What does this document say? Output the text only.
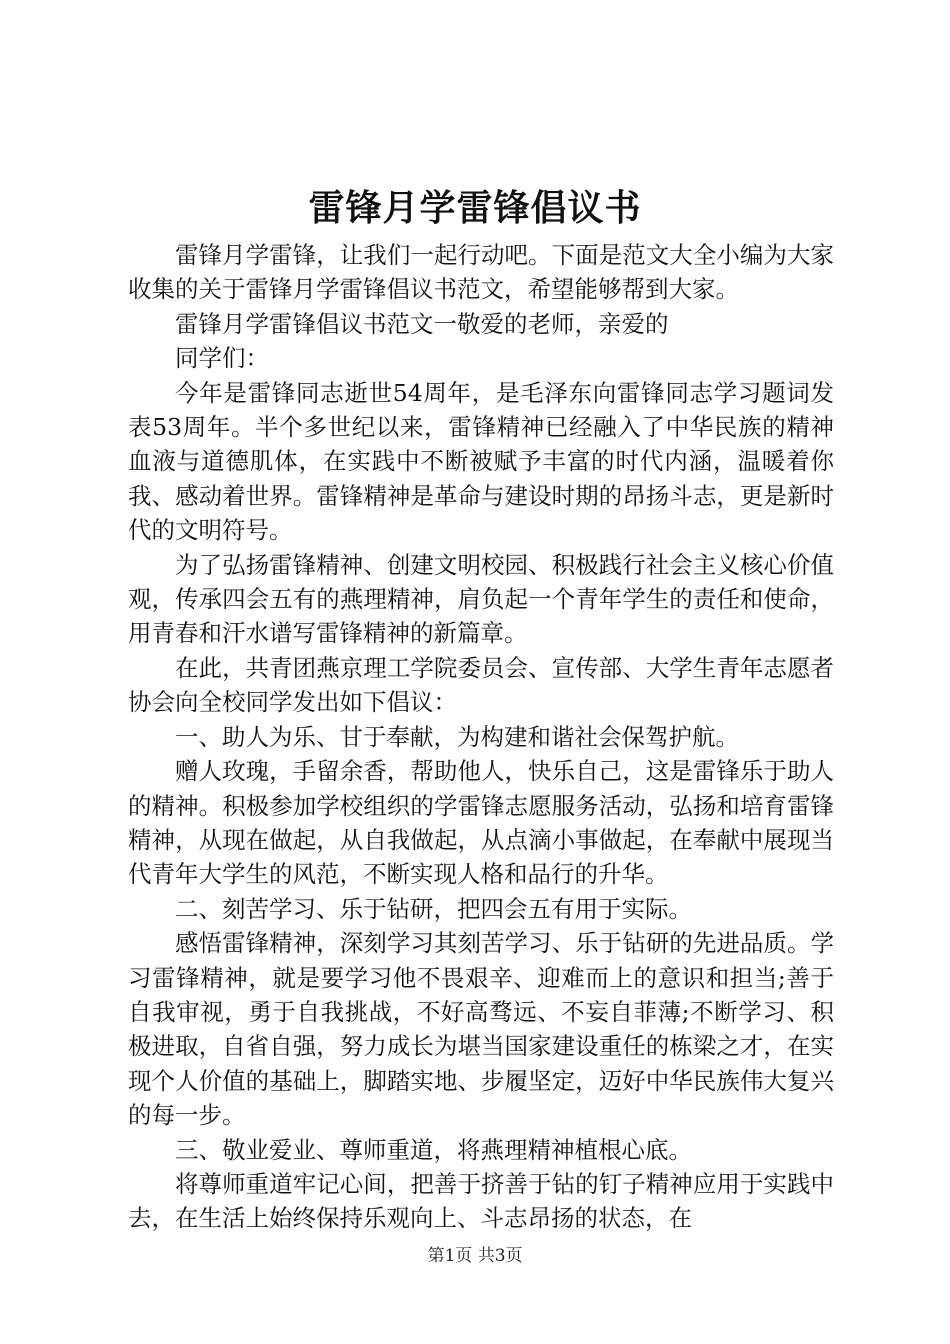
雷锋月学雷锋倡议书

雷锋月学雷锋，让我们一起行动吧。下面是范文大全小编为大家收集的关于雷锋月学雷锋倡议书范文，希望能够帮到大家。

雷锋月学雷锋倡议书范文一敬爱的老师，亲爱的

同学们：

今年是雷锋同志逝世54周年，是毛泽东向雷锋同志学习题词发表53周年。半个多世纪以来，雷锋精神已经融入了中华民族的精神血液与道德肌体，在实践中不断被赋予丰富的时代内涵，温暖着你我、感动着世界。雷锋精神是革命与建设时期的昂扬斗志，更是新时代的文明符号。

为了弘扬雷锋精神、创建文明校园、积极践行社会主义核心价值观，传承四会五有的燕理精神，肩负起一个青年学生的责任和使命，用青春和汗水谱写雷锋精神的新篇章。

在此，共青团燕京理工学院委员会、宣传部、大学生青年志愿者协会向全校同学发出如下倡议：

一、助人为乐、甘于奉献，为构建和谐社会保驾护航。

赠人玫瑰，手留余香，帮助他人，快乐自己，这是雷锋乐于助人的精神。积极参加学校组织的学雷锋志愿服务活动，弘扬和培育雷锋精神，从现在做起，从自我做起，从点滴小事做起，在奉献中展现当代青年大学生的风范，不断实现人格和品行的升华。

二、刻苦学习、乐于钻研，把四会五有用于实际。

感悟雷锋精神，深刻学习其刻苦学习、乐于钻研的先进品质。学习雷锋精神，就是要学习他不畏艰辛、迎难而上的意识和担当;善于自我审视，勇于自我挑战，不好高骛远、不妄自菲薄;不断学习、积极进取，自省自强，努力成长为堪当国家建设重任的栋梁之才，在实现个人价值的基础上，脚踏实地、步履坚定，迈好中华民族伟大复兴的每一步。

三、敬业爱业、尊师重道，将燕理精神植根心底。

将尊师重道牢记心间，把善于挤善于钻的钉子精神应用于实践中去，在生活上始终保持乐观向上、斗志昂扬的状态，在

第1页 共3页
